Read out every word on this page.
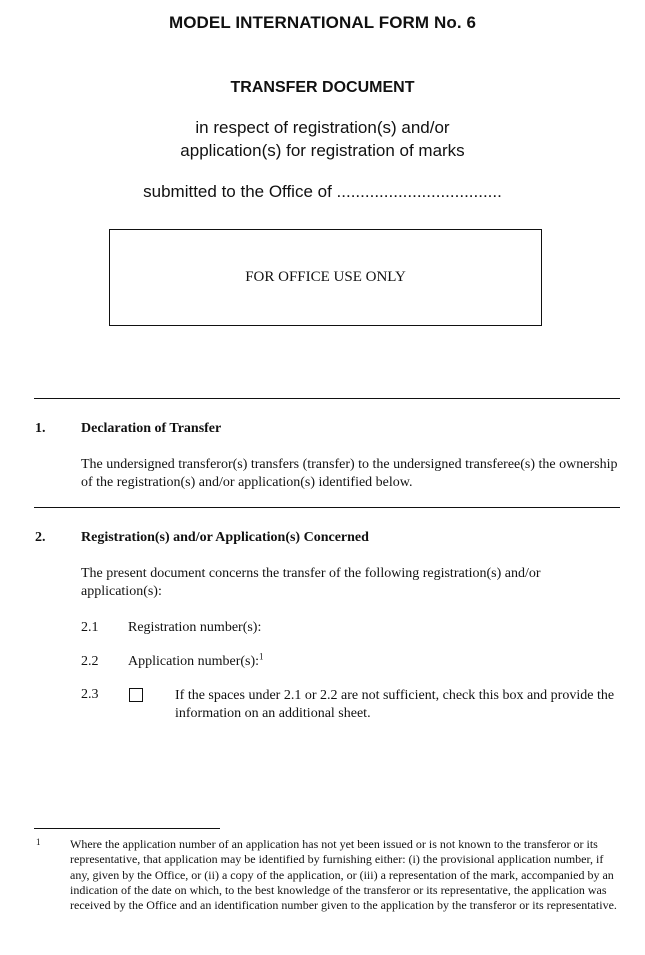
MODEL INTERNATIONAL FORM No. 6
TRANSFER DOCUMENT
in respect of registration(s) and/or
application(s) for registration of marks
submitted to the Office of ...................................
FOR OFFICE USE ONLY
1.	Declaration of Transfer
The undersigned transferor(s) transfers (transfer) to the undersigned transferee(s) the ownership of the registration(s) and/or application(s) identified below.
2.	Registration(s) and/or Application(s) Concerned
The present document concerns the transfer of the following registration(s) and/or application(s):
2.1 Registration number(s):
2.2 Application number(s):$^1$
2.3	If the spaces under 2.1 or 2.2 are not sufficient, check this box and provide the information on an additional sheet.
1 Where the application number of an application has not yet been issued or is not known to the transferor or its representative, that application may be identified by furnishing either: (i) the provisional application number, if any, given by the Office, or (ii) a copy of the application, or (iii) a representation of the mark, accompanied by an indication of the date on which, to the best knowledge of the transferor or its representative, the application was received by the Office and an identification number given to the application by the transferor or its representative.
